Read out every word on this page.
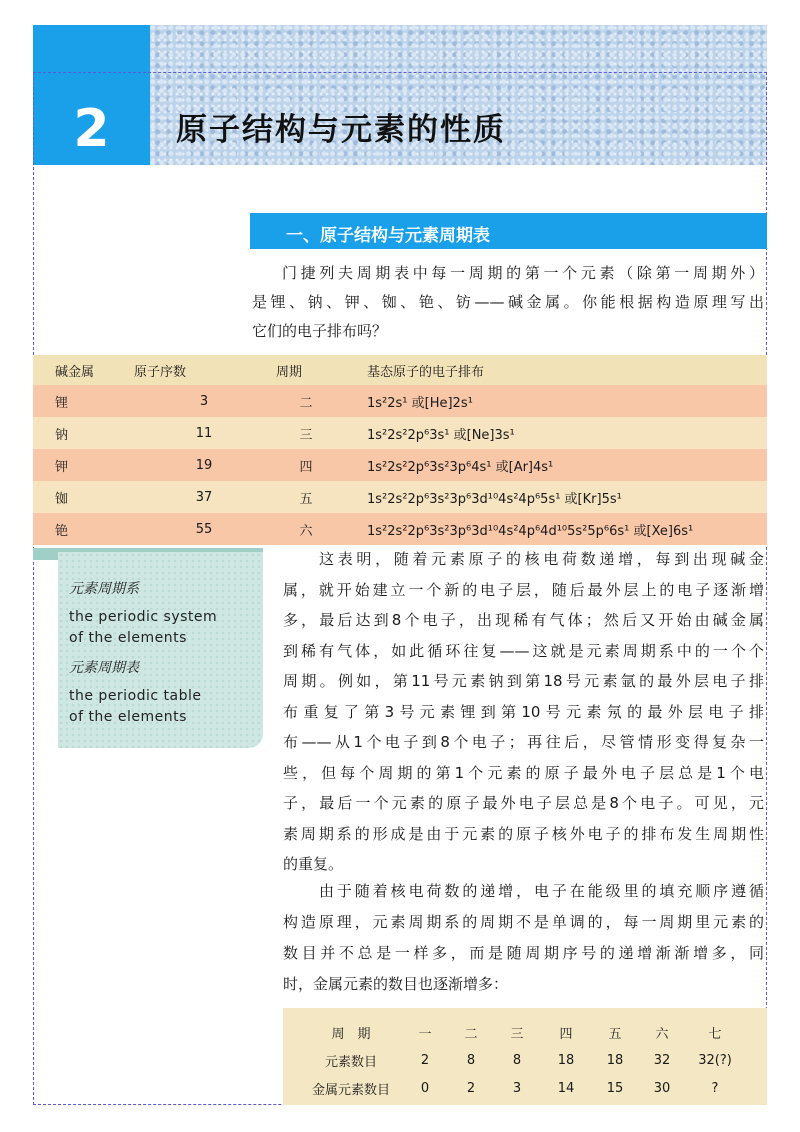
2	原子结构与元素的性质
一、原子结构与元素周期表
门捷列夫周期表中每一周期的第一个元素（除第一周期外）
是锂、钠、钾、铷、铯、钫——碱金属。你能根据构造原理写出
它们的电子排布吗？
碱金属	原子序数	周期	基态原子的电子排布
锂	3	二	1s²2s¹ 或[He]2s¹
钠	11	三	1s²2s²2p⁶3s¹ 或[Ne]3s¹
钾	19	四	1s²2s²2p⁶3s²3p⁶4s¹ 或[Ar]4s¹
铷	37	五	1s²2s²2p⁶3s²3p⁶3d¹⁰4s²4p⁶5s¹ 或[Kr]5s¹
铯	55	六	1s²2s²2p⁶3s²3p⁶3d¹⁰4s²4p⁶4d¹⁰5s²5p⁶6s¹ 或[Xe]6s¹
元素周期系
the periodic system
of the elements
元素周期表
the periodic table
of the elements
这表明，随着元素原子的核电荷数递增，每到出现碱金
属，就开始建立一个新的电子层，随后最外层上的电子逐渐增
多，最后达到8个电子，出现稀有气体；然后又开始由碱金属
到稀有气体，如此循环往复——这就是元素周期系中的一个个
周期。例如，第11号元素钠到第18号元素氩的最外层电子排
布重复了第3号元素锂到第10号元素氖的最外层电子排
布——从1个电子到8个电子；再往后，尽管情形变得复杂一
些，但每个周期的第1个元素的原子最外电子层总是1个电
子，最后一个元素的原子最外电子层总是8个电子。可见，元
素周期系的形成是由于元素的原子核外电子的排布发生周期性
的重复。
由于随着核电荷数的递增，电子在能级里的填充顺序遵循
构造原理，元素周期系的周期不是单调的，每一周期里元素的
数目并不总是一样多，而是随周期序号的递增渐渐增多，同
时，金属元素的数目也逐渐增多：
周　期	一	二	三	四	五	六	七
元素数目	2	8	8	18	18	32	32(?)
金属元素数目	0	2	3	14	15	30	?
